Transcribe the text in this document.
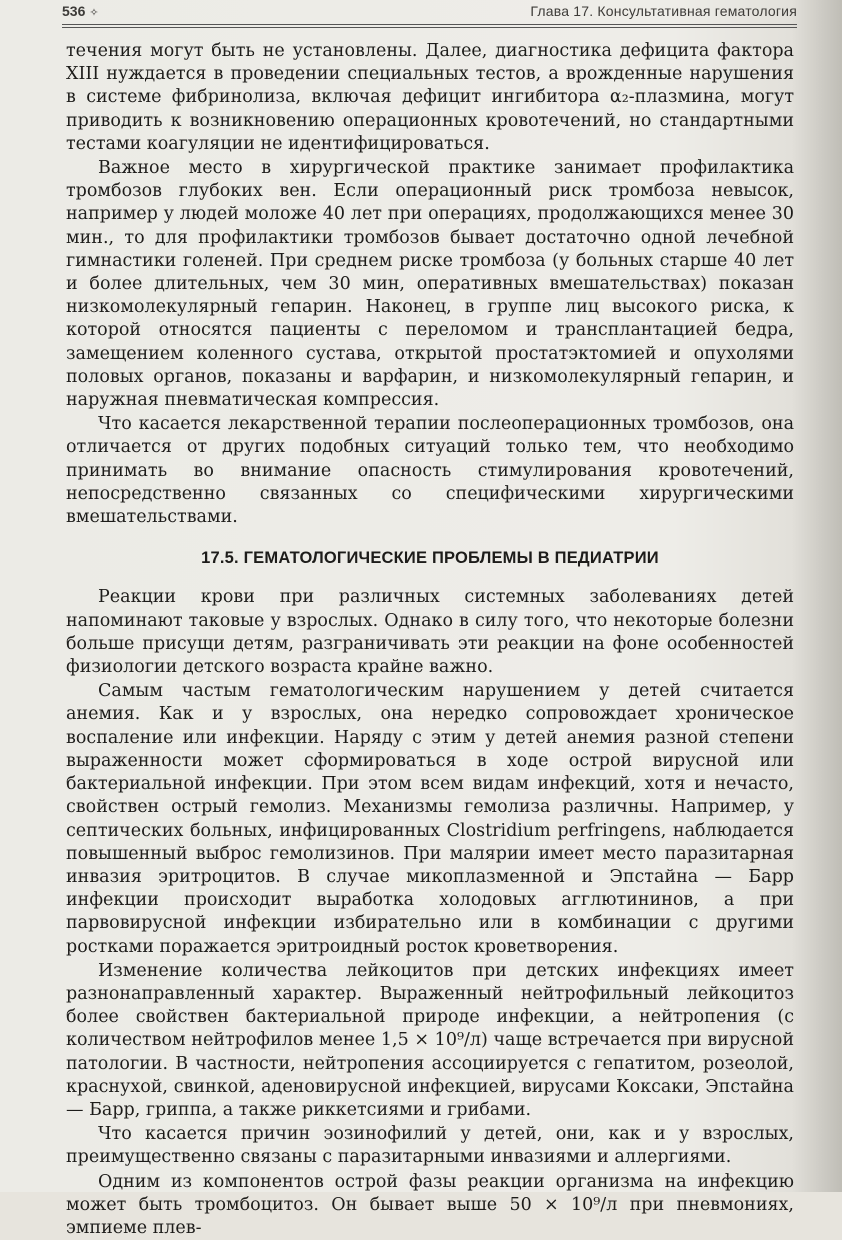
536 ✧	Глава 17. Консультативная гематология

течения могут быть не установлены. Далее, диагностика дефицита фактора XIII нуждается в проведении специальных тестов, а врожденные нарушения в системе фибринолиза, включая дефицит ингибитора α₂-плазмина, могут приводить к возникновению операционных кровотечений, но стандартными тестами коагуляции не идентифицироваться.

Важное место в хирургической практике занимает профилактика тромбозов глубоких вен. Если операционный риск тромбоза невысок, например у людей моложе 40 лет при операциях, продолжающихся менее 30 мин., то для профилактики тромбозов бывает достаточно одной лечебной гимнастики голеней. При среднем риске тромбоза (у больных старше 40 лет и более длительных, чем 30 мин, оперативных вмешательствах) показан низкомолекулярный гепарин. Наконец, в группе лиц высокого риска, к которой относятся пациенты с переломом и трансплантацией бедра, замещением коленного сустава, открытой простатэктомией и опухолями половых органов, показаны и варфарин, и низкомолекулярный гепарин, и наружная пневматическая компрессия.

Что касается лекарственной терапии послеоперационных тромбозов, она отличается от других подобных ситуаций только тем, что необходимо принимать во внимание опасность стимулирования кровотечений, непосредственно связанных со специфическими хирургическими вмешательствами.

17.5. ГЕМАТОЛОГИЧЕСКИЕ ПРОБЛЕМЫ В ПЕДИАТРИИ

Реакции крови при различных системных заболеваниях детей напоминают таковые у взрослых. Однако в силу того, что некоторые болезни больше присущи детям, разграничивать эти реакции на фоне особенностей физиологии детского возраста крайне важно.

Самым частым гематологическим нарушением у детей считается анемия. Как и у взрослых, она нередко сопровождает хроническое воспаление или инфекции. Наряду с этим у детей анемия разной степени выраженности может сформироваться в ходе острой вирусной или бактериальной инфекции. При этом всем видам инфекций, хотя и нечасто, свойствен острый гемолиз. Механизмы гемолиза различны. Например, у септических больных, инфицированных Clostridium perfringens, наблюдается повышенный выброс гемолизинов. При малярии имеет место паразитарная инвазия эритроцитов. В случае микоплазменной и Эпстайна — Барр инфекции происходит выработка холодовых агглютининов, а при парвовирусной инфекции избирательно или в комбинации с другими ростками поражается эритроидный росток кроветворения.

Изменение количества лейкоцитов при детских инфекциях имеет разнонаправленный характер. Выраженный нейтрофильный лейкоцитоз более свойствен бактериальной природе инфекции, а нейтропения (с количеством нейтрофилов менее 1,5 × 10⁹/л) чаще встречается при вирусной патологии. В частности, нейтропения ассоциируется с гепатитом, розеолой, краснухой, свинкой, аденовирусной инфекцией, вирусами Коксаки, Эпстайна — Барр, гриппа, а также риккетсиями и грибами.

Что касается причин эозинофилий у детей, они, как и у взрослых, преимущественно связаны с паразитарными инвазиями и аллергиями.

Одним из компонентов острой фазы реакции организма на инфекцию может быть тромбоцитоз. Он бывает выше 50 × 10⁹/л при пневмониях, эмпиеме плев-
